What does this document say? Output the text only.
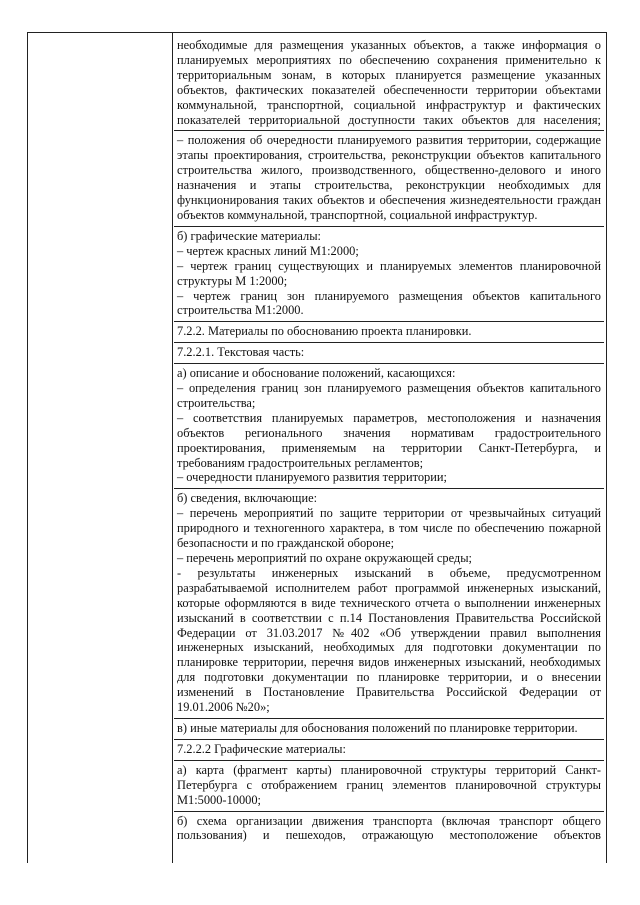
необходимые для размещения указанных объектов, а также информация о планируемых мероприятиях по обеспечению сохранения применительно к территориальным зонам, в которых планируется размещение указанных объектов, фактических показателей обеспеченности территории объектами коммунальной, транспортной, социальной инфраструктур и фактических показателей территориальной доступности таких объектов для населения;
– положения об очередности планируемого развития территории, содержащие этапы проектирования, строительства, реконструкции объектов капитального строительства жилого, производственного, общественно-делового и иного назначения и этапы строительства, реконструкции необходимых для функционирования таких объектов и обеспечения жизнедеятельности граждан объектов коммунальной, транспортной, социальной инфраструктур.
б) графические материалы:
– чертеж красных линий М1:2000;
– чертеж границ существующих и планируемых элементов планировочной структуры М 1:2000;
– чертеж границ зон планируемого размещения объектов капитального строительства М1:2000.
7.2.2. Материалы по обоснованию проекта планировки.
7.2.2.1. Текстовая часть:
а) описание и обоснование положений, касающихся:
– определения границ зон планируемого размещения объектов капитального строительства;
– соответствия планируемых параметров, местоположения и назначения объектов регионального значения нормативам градостроительного проектирования, применяемым на территории Санкт-Петербурга, и требованиям градостроительных регламентов;
– очередности планируемого развития территории;
б) сведения, включающие:
– перечень мероприятий по защите территории от чрезвычайных ситуаций природного и техногенного характера, в том числе по обеспечению пожарной безопасности и по гражданской обороне;
– перечень мероприятий по охране окружающей среды;
- результаты инженерных изысканий в объеме, предусмотренном разрабатываемой исполнителем работ программой инженерных изысканий, которые оформляются в виде технического отчета о выполнении инженерных изысканий в соответствии с п.14 Постановления Правительства Российской Федерации от 31.03.2017 №402 «Об утверждении правил выполнения инженерных изысканий, необходимых для подготовки документации по планировке территории, перечня видов инженерных изысканий, необходимых для подготовки документации по планировке территории, и о внесении изменений в Постановление Правительства Российской Федерации от 19.01.2006 №20»;
в) иные материалы для обоснования положений по планировке территории.
7.2.2.2 Графические материалы:
а) карта (фрагмент карты) планировочной структуры территорий Санкт-Петербурга с отображением границ элементов планировочной структуры М1:5000-10000;
б) схема организации движения транспорта (включая транспорт общего пользования) и пешеходов, отражающую местоположение объектов
